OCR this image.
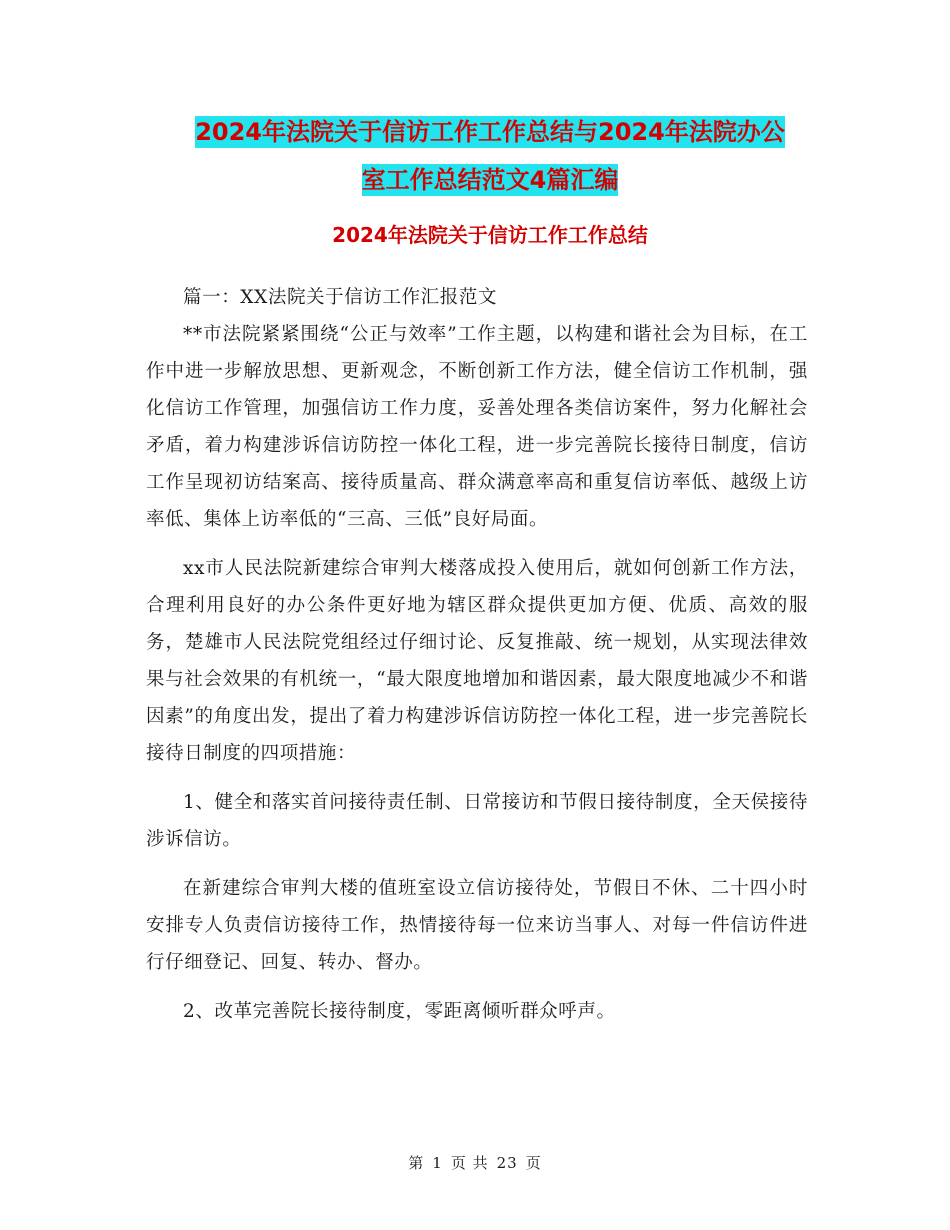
2024年法院关于信访工作工作总结与2024年法院办公
室工作总结范文4篇汇编
2024年法院关于信访工作工作总结

篇一：XX法院关于信访工作汇报范文

**市法院紧紧围绕“公正与效率”工作主题，以构建和谐社会为目标，在工作中进一步解放思想、更新观念，不断创新工作方法，健全信访工作机制，强化信访工作管理，加强信访工作力度，妥善处理各类信访案件，努力化解社会矛盾，着力构建涉诉信访防控一体化工程，进一步完善院长接待日制度，信访工作呈现初访结案高、接待质量高、群众满意率高和重复信访率低、越级上访率低、集体上访率低的“三高、三低”良好局面。

xx市人民法院新建综合审判大楼落成投入使用后，就如何创新工作方法，合理利用良好的办公条件更好地为辖区群众提供更加方便、优质、高效的服务，楚雄市人民法院党组经过仔细讨论、反复推敲、统一规划，从实现法律效果与社会效果的有机统一，“最大限度地增加和谐因素，最大限度地减少不和谐因素”的角度出发，提出了着力构建涉诉信访防控一体化工程，进一步完善院长接待日制度的四项措施：

1、健全和落实首问接待责任制、日常接访和节假日接待制度，全天侯接待涉诉信访。

在新建综合审判大楼的值班室设立信访接待处，节假日不休、二十四小时安排专人负责信访接待工作，热情接待每一位来访当事人、对每一件信访件进行仔细登记、回复、转办、督办。

2、改革完善院长接待制度，零距离倾听群众呼声。

第 1 页 共 23 页
